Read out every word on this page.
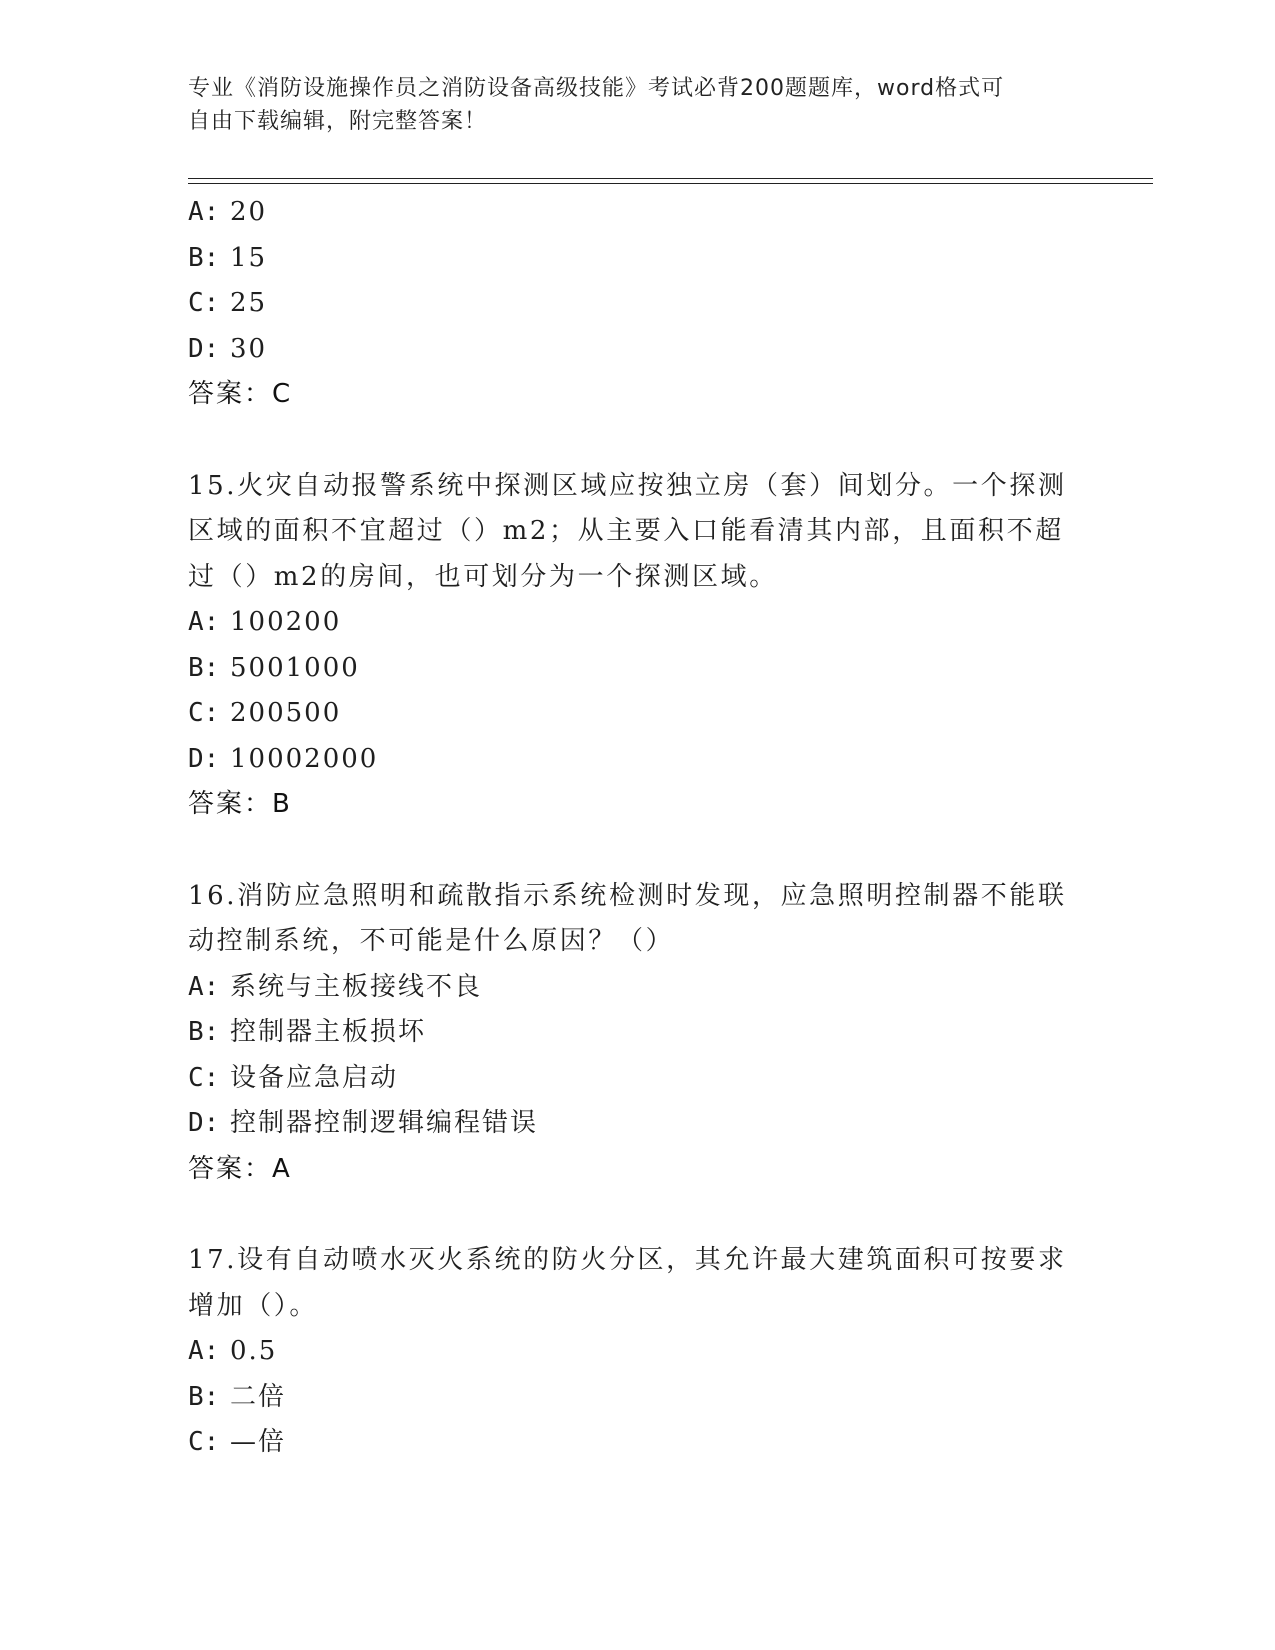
专业《消防设施操作员之消防设备高级技能》考试必背200题题库，word格式可
自由下载编辑，附完整答案！
A: 20
B: 15
C: 25
D: 30
答案：C
15.火灾自动报警系统中探测区域应按独立房（套）间划分。一个探测
区域的面积不宜超过（）m2；从主要入口能看清其内部，且面积不超
过（）m2的房间，也可划分为一个探测区域。
A: 100200
B: 5001000
C: 200500
D: 10002000
答案：B
16.消防应急照明和疏散指示系统检测时发现，应急照明控制器不能联
动控制系统，不可能是什么原因？（）
A: 系统与主板接线不良
B: 控制器主板损坏
C: 设备应急启动
D: 控制器控制逻辑编程错误
答案：A
17.设有自动喷水灭火系统的防火分区，其允许最大建筑面积可按要求
增加（）。
A: 0.5
B: 二倍
C: —倍
